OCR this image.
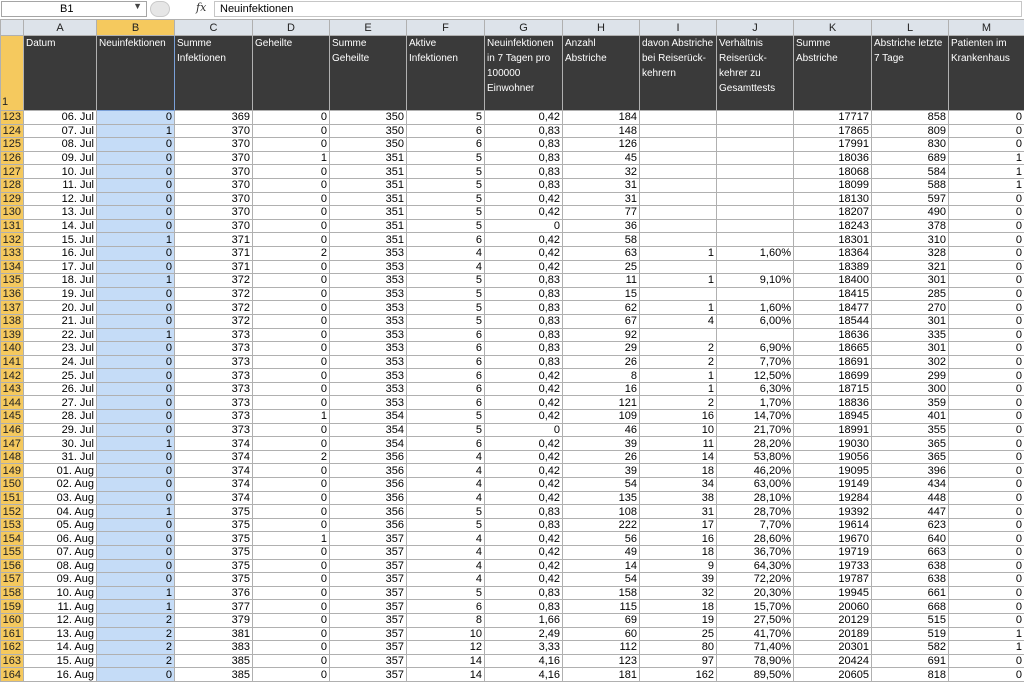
B1	▼	fx Neuinfektionen
	A	B	C	D	E	F	G	H	I	J	K	L	M
1	Datum	Neuinfektionen	Summe Infektionen	Geheilte	Summe Geheilte	Aktive Infektionen	Neuinfektionen in 7 Tagen pro 100000 Einwohner	Anzahl Abstriche	davon Abstriche bei Reiserück-kehrern	Verhältnis Reiserück-kehrer zu Gesamttests	Summe Abstriche	Abstriche letzte 7 Tage	Patienten im Krankenhaus
123	06. Jul	0	369	0	350	5	0,42	184			17717	858	0
124	07. Jul	1	370	0	350	6	0,83	148			17865	809	0
125	08. Jul	0	370	0	350	6	0,83	126			17991	830	0
126	09. Jul	0	370	1	351	5	0,83	45			18036	689	1
127	10. Jul	0	370	0	351	5	0,83	32			18068	584	1
128	11. Jul	0	370	0	351	5	0,83	31			18099	588	1
129	12. Jul	0	370	0	351	5	0,42	31			18130	597	0
130	13. Jul	0	370	0	351	5	0,42	77			18207	490	0
131	14. Jul	0	370	0	351	5	0	36			18243	378	0
132	15. Jul	1	371	0	351	6	0,42	58			18301	310	0
133	16. Jul	0	371	2	353	4	0,42	63	1	1,60%	18364	328	0
134	17. Jul	0	371	0	353	4	0,42	25			18389	321	0
135	18. Jul	1	372	0	353	5	0,83	11	1	9,10%	18400	301	0
136	19. Jul	0	372	0	353	5	0,83	15			18415	285	0
137	20. Jul	0	372	0	353	5	0,83	62	1	1,60%	18477	270	0
138	21. Jul	0	372	0	353	5	0,83	67	4	6,00%	18544	301	0
139	22. Jul	1	373	0	353	6	0,83	92			18636	335	0
140	23. Jul	0	373	0	353	6	0,83	29	2	6,90%	18665	301	0
141	24. Jul	0	373	0	353	6	0,83	26	2	7,70%	18691	302	0
142	25. Jul	0	373	0	353	6	0,42	8	1	12,50%	18699	299	0
143	26. Jul	0	373	0	353	6	0,42	16	1	6,30%	18715	300	0
144	27. Jul	0	373	0	353	6	0,42	121	2	1,70%	18836	359	0
145	28. Jul	0	373	1	354	5	0,42	109	16	14,70%	18945	401	0
146	29. Jul	0	373	0	354	5	0	46	10	21,70%	18991	355	0
147	30. Jul	1	374	0	354	6	0,42	39	11	28,20%	19030	365	0
148	31. Jul	0	374	2	356	4	0,42	26	14	53,80%	19056	365	0
149	01. Aug	0	374	0	356	4	0,42	39	18	46,20%	19095	396	0
150	02. Aug	0	374	0	356	4	0,42	54	34	63,00%	19149	434	0
151	03. Aug	0	374	0	356	4	0,42	135	38	28,10%	19284	448	0
152	04. Aug	1	375	0	356	5	0,83	108	31	28,70%	19392	447	0
153	05. Aug	0	375	0	356	5	0,83	222	17	7,70%	19614	623	0
154	06. Aug	0	375	1	357	4	0,42	56	16	28,60%	19670	640	0
155	07. Aug	0	375	0	357	4	0,42	49	18	36,70%	19719	663	0
156	08. Aug	0	375	0	357	4	0,42	14	9	64,30%	19733	638	0
157	09. Aug	0	375	0	357	4	0,42	54	39	72,20%	19787	638	0
158	10. Aug	1	376	0	357	5	0,83	158	32	20,30%	19945	661	0
159	11. Aug	1	377	0	357	6	0,83	115	18	15,70%	20060	668	0
160	12. Aug	2	379	0	357	8	1,66	69	19	27,50%	20129	515	0
161	13. Aug	2	381	0	357	10	2,49	60	25	41,70%	20189	519	1
162	14. Aug	2	383	0	357	12	3,33	112	80	71,40%	20301	582	1
163	15. Aug	2	385	0	357	14	4,16	123	97	78,90%	20424	691	0
164	16. Aug	0	385	0	357	14	4,16	181	162	89,50%	20605	818	0
